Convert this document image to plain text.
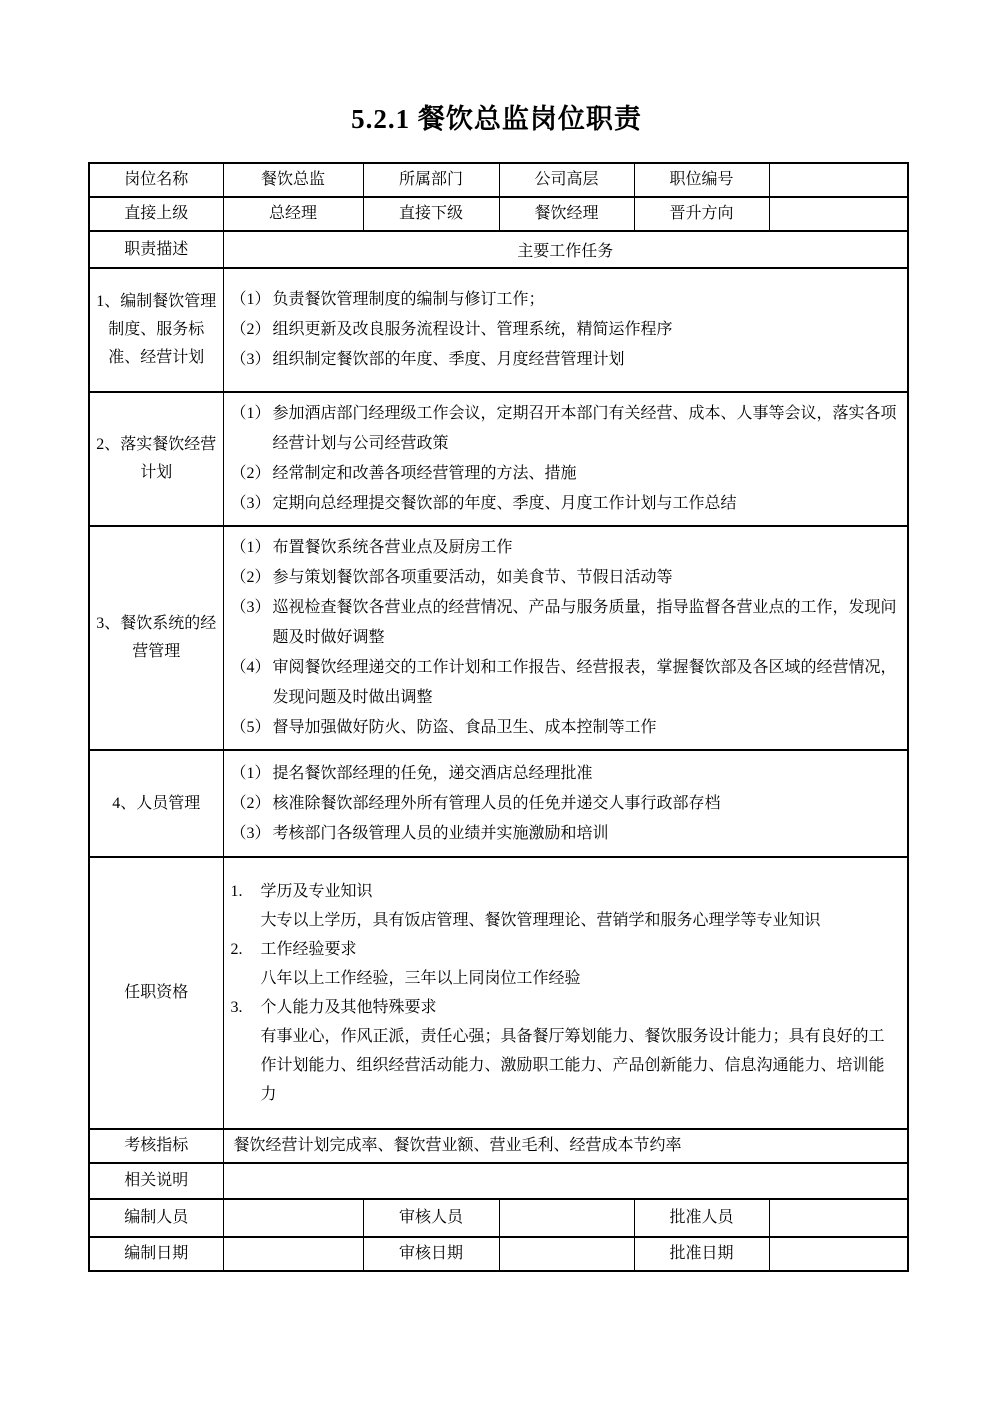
5.2.1 餐饮总监岗位职责
岗位名称	餐饮总监	所属部门	公司高层	职位编号	
直接上级	总经理	直接下级	餐饮经理	晋升方向	
职责描述	主要工作任务				
1、编制餐饮管理制度、服务标准、经营计划	
（1） 负责餐饮管理制度的编制与修订工作；
（2） 组织更新及改良服务流程设计、管理系统，精简运作程序
（3） 组织制定餐饮部的年度、季度、月度经营管理计划

2、落实餐饮经营计划	
（1） 参加酒店部门经理级工作会议，定期召开本部门有关经营、成本、人事等会议，落实各项经营计划与公司经营政策
（2） 经常制定和改善各项经营管理的方法、措施
（3） 定期向总经理提交餐饮部的年度、季度、月度工作计划与工作总结

3、餐饮系统的经营管理	
（1） 布置餐饮系统各营业点及厨房工作
（2） 参与策划餐饮部各项重要活动，如美食节、节假日活动等
（3） 巡视检查餐饮各营业点的经营情况、产品与服务质量，指导监督各营业点的工作，发现问题及时做好调整
（4） 审阅餐饮经理递交的工作计划和工作报告、经营报表，掌握餐饮部及各区域的经营情况，发现问题及时做出调整
（5） 督导加强做好防火、防盗、食品卫生、成本控制等工作

4、人员管理	
（1） 提名餐饮部经理的任免，递交酒店总经理批准
（2） 核准除餐饮部经理外所有管理人员的任免并递交人事行政部存档
（3） 考核部门各级管理人员的业绩并实施激励和培训

任职资格	
1.	学历及专业知识
大专以上学历，具有饭店管理、餐饮管理理论、营销学和服务心理学等专业知识
2.	工作经验要求
八年以上工作经验，三年以上同岗位工作经验
3.	个人能力及其他特殊要求
有事业心，作风正派，责任心强；具备餐厅筹划能力、餐饮服务设计能力；具有良好的工作计划能力、组织经营活动能力、激励职工能力、产品创新能力、信息沟通能力、培训能力

考核指标	餐饮经营计划完成率、餐饮营业额、营业毛利、经营成本节约率				
相关说明					
编制人员		审核人员		批准人员	
编制日期		审核日期		批准日期	
